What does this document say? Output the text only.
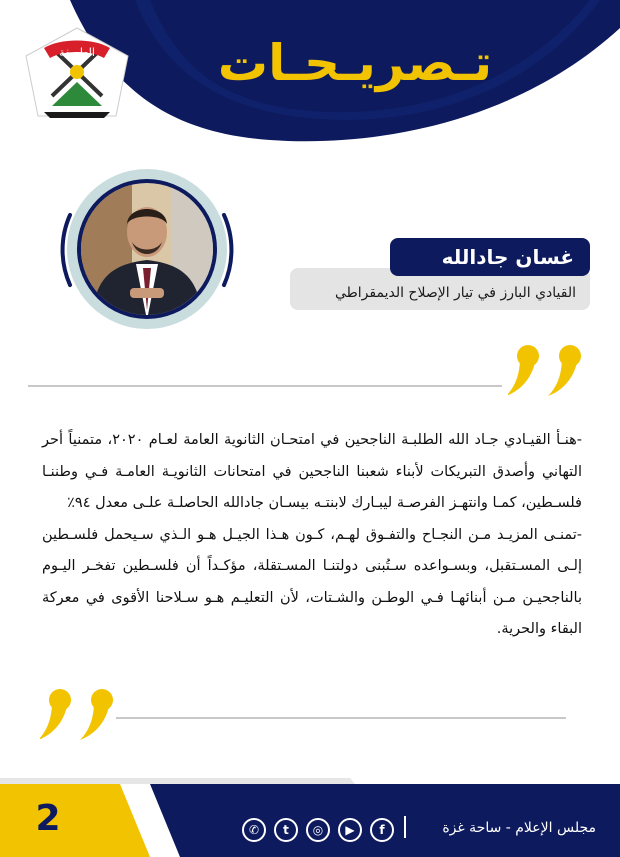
تـصريـحـات
العاصفة
القيادي البارز في تيار الإصلاح الديمقراطي
غسان جادالله

-هنـأ القيـادي جـاد الله الطلبـة الناجحين في امتحـان الثانوية العامة لعـام ٢٠٢٠، متمنياً أحر التهاني وأصدق التبريكات لأبناء شعبنا الناجحين في امتحانات الثانويـة العامـة فـي وطننـا فلسـطين، كمـا وانتهـز الفرصـة ليبـارك لابنتـه بيسـان جادالله الحاصلـة علـى معدل ٩٤٪

-تمنـى المزيـد مـن النجـاح والتفـوق لهـم، كـون هـذا الجيـل هـو الـذي سـيحمل فلسـطين إلـى المسـتقبل، وبسـواعده سـتُبنى دولتنـا المسـتقلة، مؤكـداً أن فلسـطين تفخـر اليـوم بالناجحيـن مـن أبنائهـا فـي الوطـن والشـتات، لأن التعليـم هـو سـلاحنا الأقوى في معركة البقاء والحرية.

2	✆	t	◎	▶	f	مجلس الإعلام - ساحة غزة
